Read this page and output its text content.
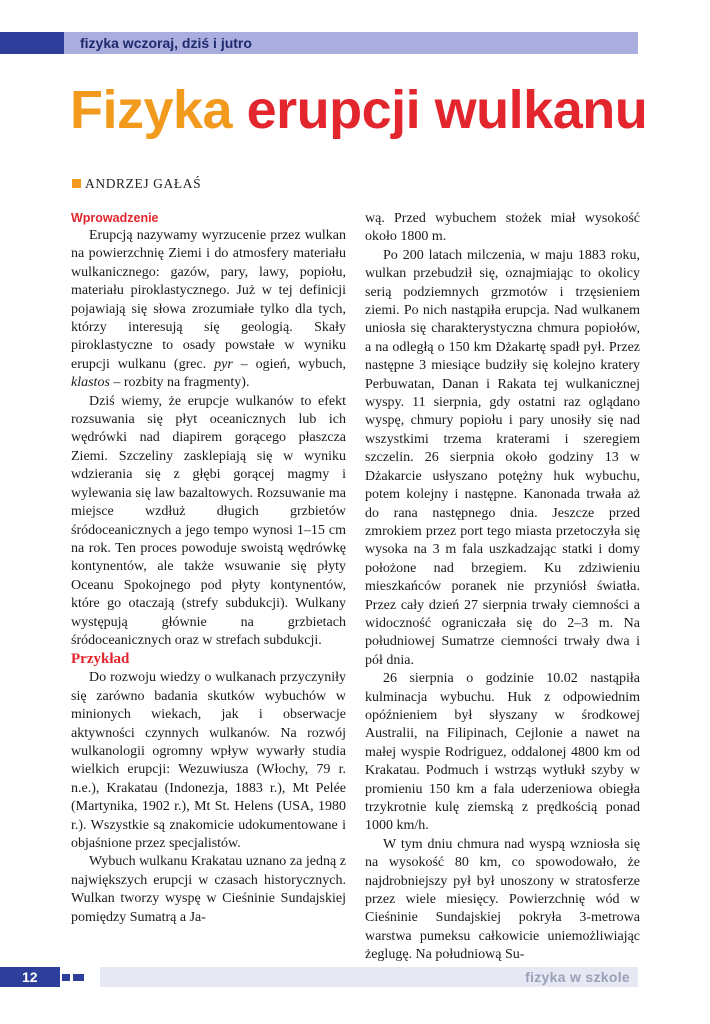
fizyka wczoraj, dziś i jutro
Fizyka erupcji wulkanu
ANDRZEJ GAŁAŚ

Wprowadzenie

Erupcją nazywamy wyrzucenie przez wulkan na powierzchnię Ziemi i do atmosfery materiału wulkanicznego: gazów, pary, lawy, popiołu, materiału piroklastycznego. Już w tej definicji pojawiają się słowa zrozumiałe tylko dla tych, którzy interesują się geologią. Skały piroklastyczne to osady powstałe w wyniku erupcji wulkanu (grec. pyr – ogień, wybuch, klastos – rozbity na fragmenty).

Dziś wiemy, że erupcje wulkanów to efekt rozsuwania się płyt oceanicznych lub ich wędrówki nad diapirem gorącego płaszcza Ziemi. Szczeliny zasklepiają się w wyniku wdzierania się z głębi gorącej magmy i wylewania się law bazaltowych. Rozsuwanie ma miejsce wzdłuż długich grzbietów śródoceanicznych a jego tempo wynosi 1–15 cm na rok. Ten proces powoduje swoistą wędrówkę kontynentów, ale także wsuwanie się płyty Oceanu Spokojnego pod płyty kontynentów, które go otaczają (strefy subdukcji). Wulkany występują głównie na grzbietach śródoceanicznych oraz w strefach subdukcji.

Przykład

Do rozwoju wiedzy o wulkanach przyczyniły się zarówno badania skutków wybuchów w minionych wiekach, jak i obserwacje aktywności czynnych wulkanów. Na rozwój wulkanologii ogromny wpływ wywarły studia wielkich erupcji: Wezuwiusza (Włochy, 79 r. n.e.), Krakatau (Indonezja, 1883 r.), Mt Pelée (Martynika, 1902 r.), Mt St. Helens (USA, 1980 r.). Wszystkie są znakomicie udokumentowane i objaśnione przez specjalistów.

Wybuch wulkanu Krakatau uznano za jedną z największych erupcji w czasach historycznych. Wulkan tworzy wyspę w Cieśninie Sundajskiej pomiędzy Sumatrą a Ja-

wą. Przed wybuchem stożek miał wysokość około 1800 m.

Po 200 latach milczenia, w maju 1883 roku, wulkan przebudził się, oznajmiając to okolicy serią podziemnych grzmotów i trzęsieniem ziemi. Po nich nastąpiła erupcja. Nad wulkanem uniosła się charakterystyczna chmura popiołów, a na odległą o 150 km Dżakartę spadł pył. Przez następne 3 miesiące budziły się kolejno kratery Perbuwatan, Danan i Rakata tej wulkanicznej wyspy. 11 sierpnia, gdy ostatni raz oglądano wyspę, chmury popiołu i pary unosiły się nad wszystkimi trzema kraterami i szeregiem szczelin. 26 sierpnia około godziny 13 w Dżakarcie usłyszano potężny huk wybuchu, potem kolejny i następne. Kanonada trwała aż do rana następnego dnia. Jeszcze przed zmrokiem przez port tego miasta przetoczyła się wysoka na 3 m fala uszkadzając statki i domy położone nad brzegiem. Ku zdziwieniu mieszkańców poranek nie przyniósł światła. Przez cały dzień 27 sierpnia trwały ciemności a widoczność ograniczała się do 2–3 m. Na południowej Sumatrze ciemności trwały dwa i pół dnia.

26 sierpnia o godzinie 10.02 nastąpiła kulminacja wybuchu. Huk z odpowiednim opóźnieniem był słyszany w środkowej Australii, na Filipinach, Cejlonie a nawet na małej wyspie Rodriguez, oddalonej 4800 km od Krakatau. Podmuch i wstrząs wytłukł szyby w promieniu 150 km a fala uderzeniowa obiegła trzykrotnie kulę ziemską z prędkością ponad 1000 km/h.

W tym dniu chmura nad wyspą wzniosła się na wysokość 80 km, co spowodowało, że najdrobniejszy pył był unoszony w stratosferze przez wiele miesięcy. Powierzchnię wód w Cieśninie Sundajskiej pokryła 3-metrowa warstwa pumeksu całkowicie uniemożliwiając żeglugę. Na południową Su-

12	fizyka w szkole
